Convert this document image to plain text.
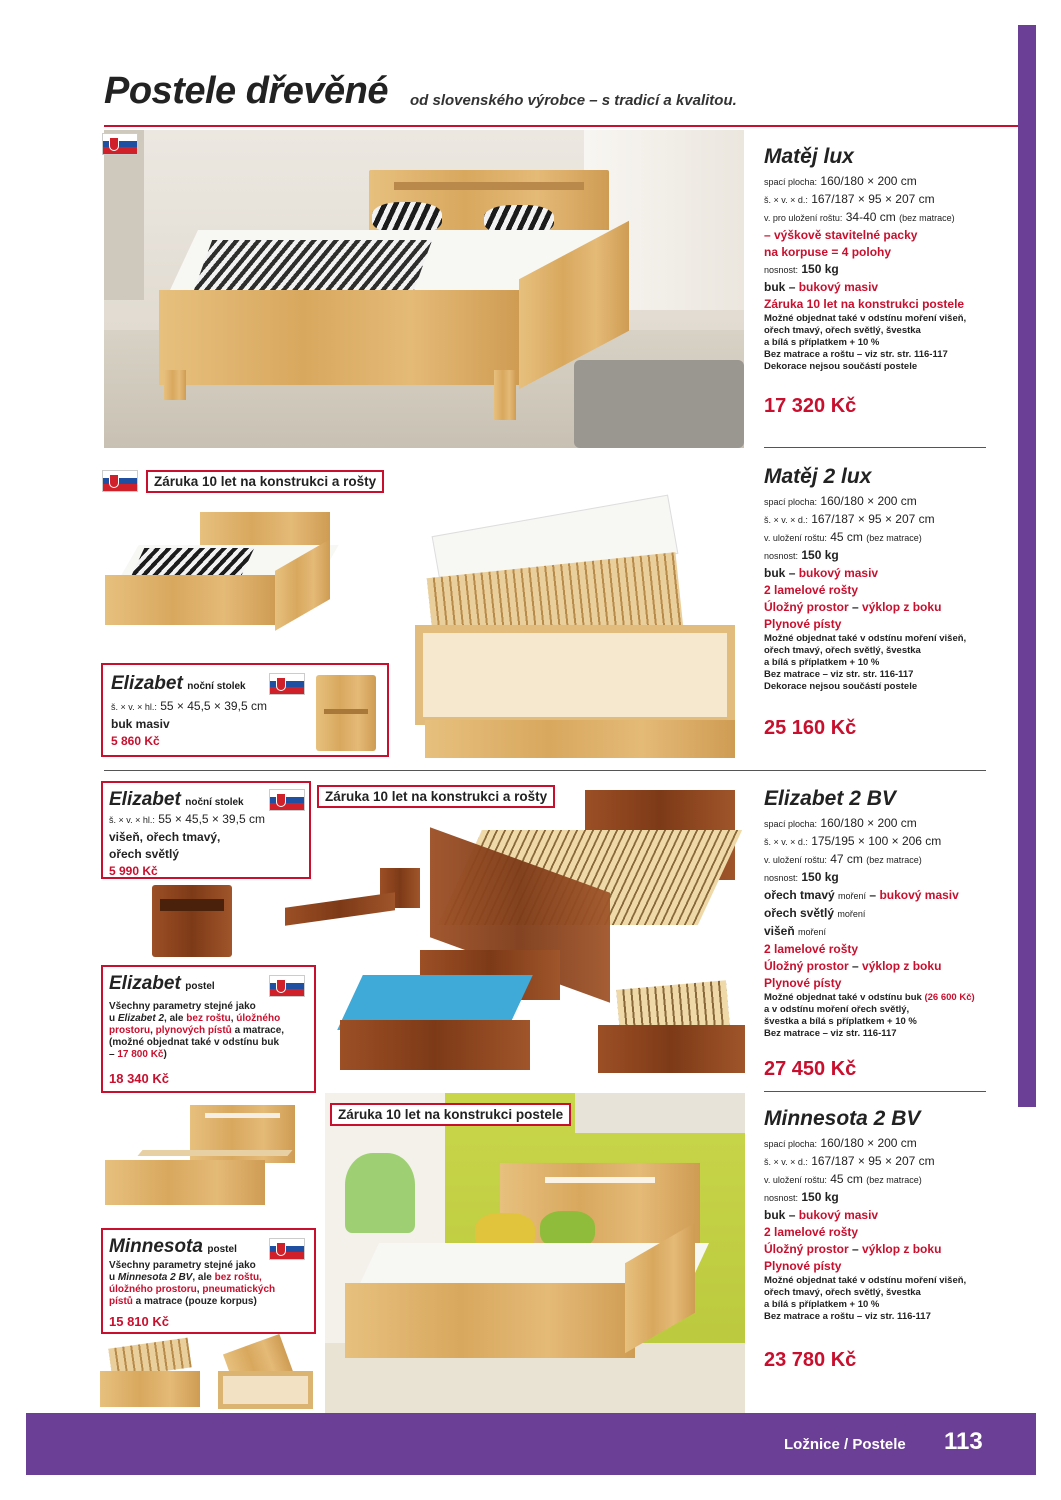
Postele dřevěné od slovenského výrobce – s tradicí a kvalitou.
Matěj lux
spací plocha: 160/180 × 200 cm
š. × v. × d.: 167/187 × 95 × 207 cm
v. pro uložení roštu: 34-40 cm (bez matrace)
– výškově stavitelné packy
na korpuse = 4 polohy
nosnost: 150 kg
buk – bukový masiv
Záruka 10 let na konstrukci postele
Možné objednat také v odstínu moření višeň,
ořech tmavý, ořech světlý, švestka
a bílá s příplatkem + 10 %
Bez matrace a roštu – viz str. str. 116-117
Dekorace nejsou součástí postele
17 320 Kč
Záruka 10 let na konstrukci a rošty
Elizabet noční stolek
š. × v. × hl.: 55 × 45,5 × 39,5 cm
buk masiv
5 860 Kč
Matěj 2 lux
spací plocha: 160/180 × 200 cm
š. × v. × d.: 167/187 × 95 × 207 cm
v. uložení roštu: 45 cm (bez matrace)
nosnost: 150 kg
buk – bukový masiv
2 lamelové rošty
Úložný prostor – výklop z boku
Plynové písty
Možné objednat také v odstínu moření višeň,
ořech tmavý, ořech světlý, švestka
a bílá s příplatkem + 10 %
Bez matrace – viz str. str. 116-117
Dekorace nejsou součástí postele
25 160 Kč
Elizabet noční stolek
š. × v. × hl.: 55 × 45,5 × 39,5 cm
višeň, ořech tmavý,
ořech světlý
5 990 Kč
Záruka 10 let na konstrukci a rošty
Elizabet postel
Všechny parametry stejné jako
u Elizabet 2, ale bez roštu, úložného
prostoru, plynových pístů a matrace,
(možné objednat také v odstínu buk
– 17 800 Kč)
18 340 Kč
Elizabet 2 BV
spací plocha: 160/180 × 200 cm
š. × v. × d.: 175/195 × 100 × 206 cm
v. uložení roštu: 47 cm (bez matrace)
nosnost: 150 kg
ořech tmavý moření – bukový masiv
ořech světlý moření
višeň moření
2 lamelové rošty
Úložný prostor – výklop z boku
Plynové písty
Možné objednat také v odstínu buk (26 600 Kč)
a v odstínu moření ořech světlý,
švestka a bílá s příplatkem + 10 %
Bez matrace – viz str. 116-117
27 450 Kč
Minnesota postel
Všechny parametry stejné jako
u Minnesota 2 BV, ale bez roštu,
úložného prostoru, pneumatických
pístů a matrace (pouze korpus)
15 810 Kč
Záruka 10 let na konstrukci postele	Minnesota 2 BV
spací plocha: 160/180 × 200 cm
š. × v. × d.: 167/187 × 95 × 207 cm
v. uložení roštu: 45 cm (bez matrace)
nosnost: 150 kg
buk – bukový masiv
2 lamelové rošty
Úložný prostor – výklop z boku
Plynové písty
Možné objednat také v odstínu moření višeň,
ořech tmavý, ořech světlý, švestka
a bílá s příplatkem + 10 %
Bez matrace a roštu – viz str. 116-117
23 780 Kč
Ložnice / Postele 113
